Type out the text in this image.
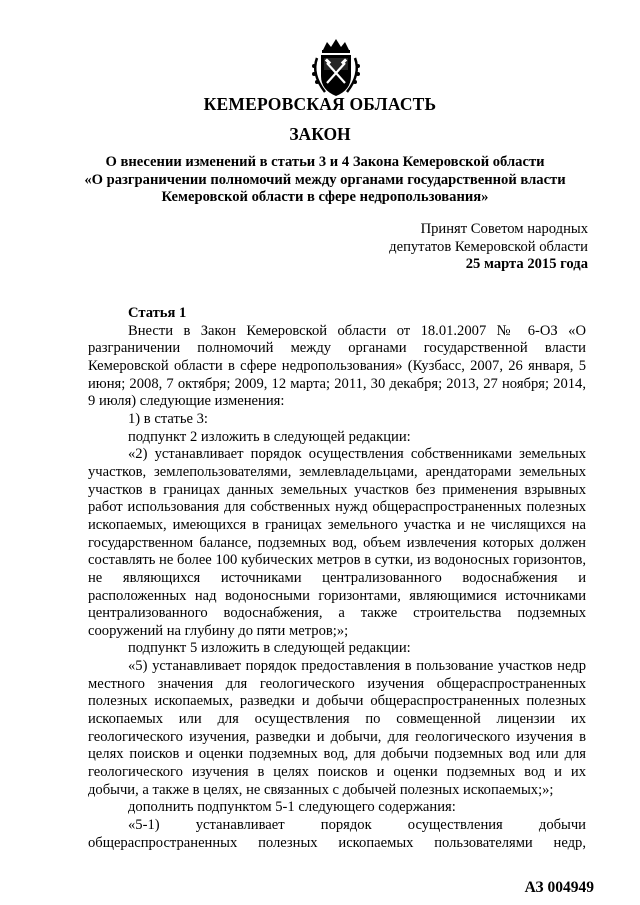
КЕМЕРОВСКАЯ ОБЛАСТЬ
ЗАКОН
О внесении изменений в статьи 3 и 4 Закона Кемеровской области
«О разграничении полномочий между органами государственной власти
Кемеровской области в сфере недропользования»
Принят Советом народных
депутатов Кемеровской области
25 марта 2015 года

Статья 1

Внести в Закон Кемеровской области от 18.01.2007 № 6-ОЗ «О разграничении полномочий между органами государственной власти Кемеровской области в сфере недропользования» (Кузбасс, 2007, 26 января, 5 июня; 2008, 7 октября; 2009, 12 марта; 2011, 30 декабря; 2013, 27 ноября; 2014, 9 июля) следующие изменения:

1) в статье 3:

подпункт 2 изложить в следующей редакции:

«2) устанавливает порядок осуществления собственниками земельных участков, землепользователями, землевладельцами, арендаторами земельных участков в границах данных земельных участков без применения взрывных работ использования для собственных нужд общераспространенных полезных ископаемых, имеющихся в границах земельного участка и не числящихся на государственном балансе, подземных вод, объем извлечения которых должен составлять не более 100 кубических метров в сутки, из водоносных горизонтов, не являющихся источниками централизованного водоснабжения и расположенных над водоносными горизонтами, являющимися источниками централизованного водоснабжения, а также строительства подземных сооружений на глубину до пяти метров;»;

подпункт 5 изложить в следующей редакции:

«5) устанавливает порядок предоставления в пользование участков недр местного значения для геологического изучения общераспространенных полезных ископаемых, разведки и добычи общераспространенных полезных ископаемых или для осуществления по совмещенной лицензии их геологического изучения, разведки и добычи, для геологического изучения в целях поисков и оценки подземных вод, для добычи подземных вод или для геологического изучения в целях поисков и оценки подземных вод и их добычи, а также в целях, не связанных с добычей полезных ископаемых;»;

дополнить подпунктом 5-1 следующего содержания:

«5-1) устанавливает порядок осуществления добычи общераспространенных полезных ископаемых пользователями недр,

АЗ 004949
